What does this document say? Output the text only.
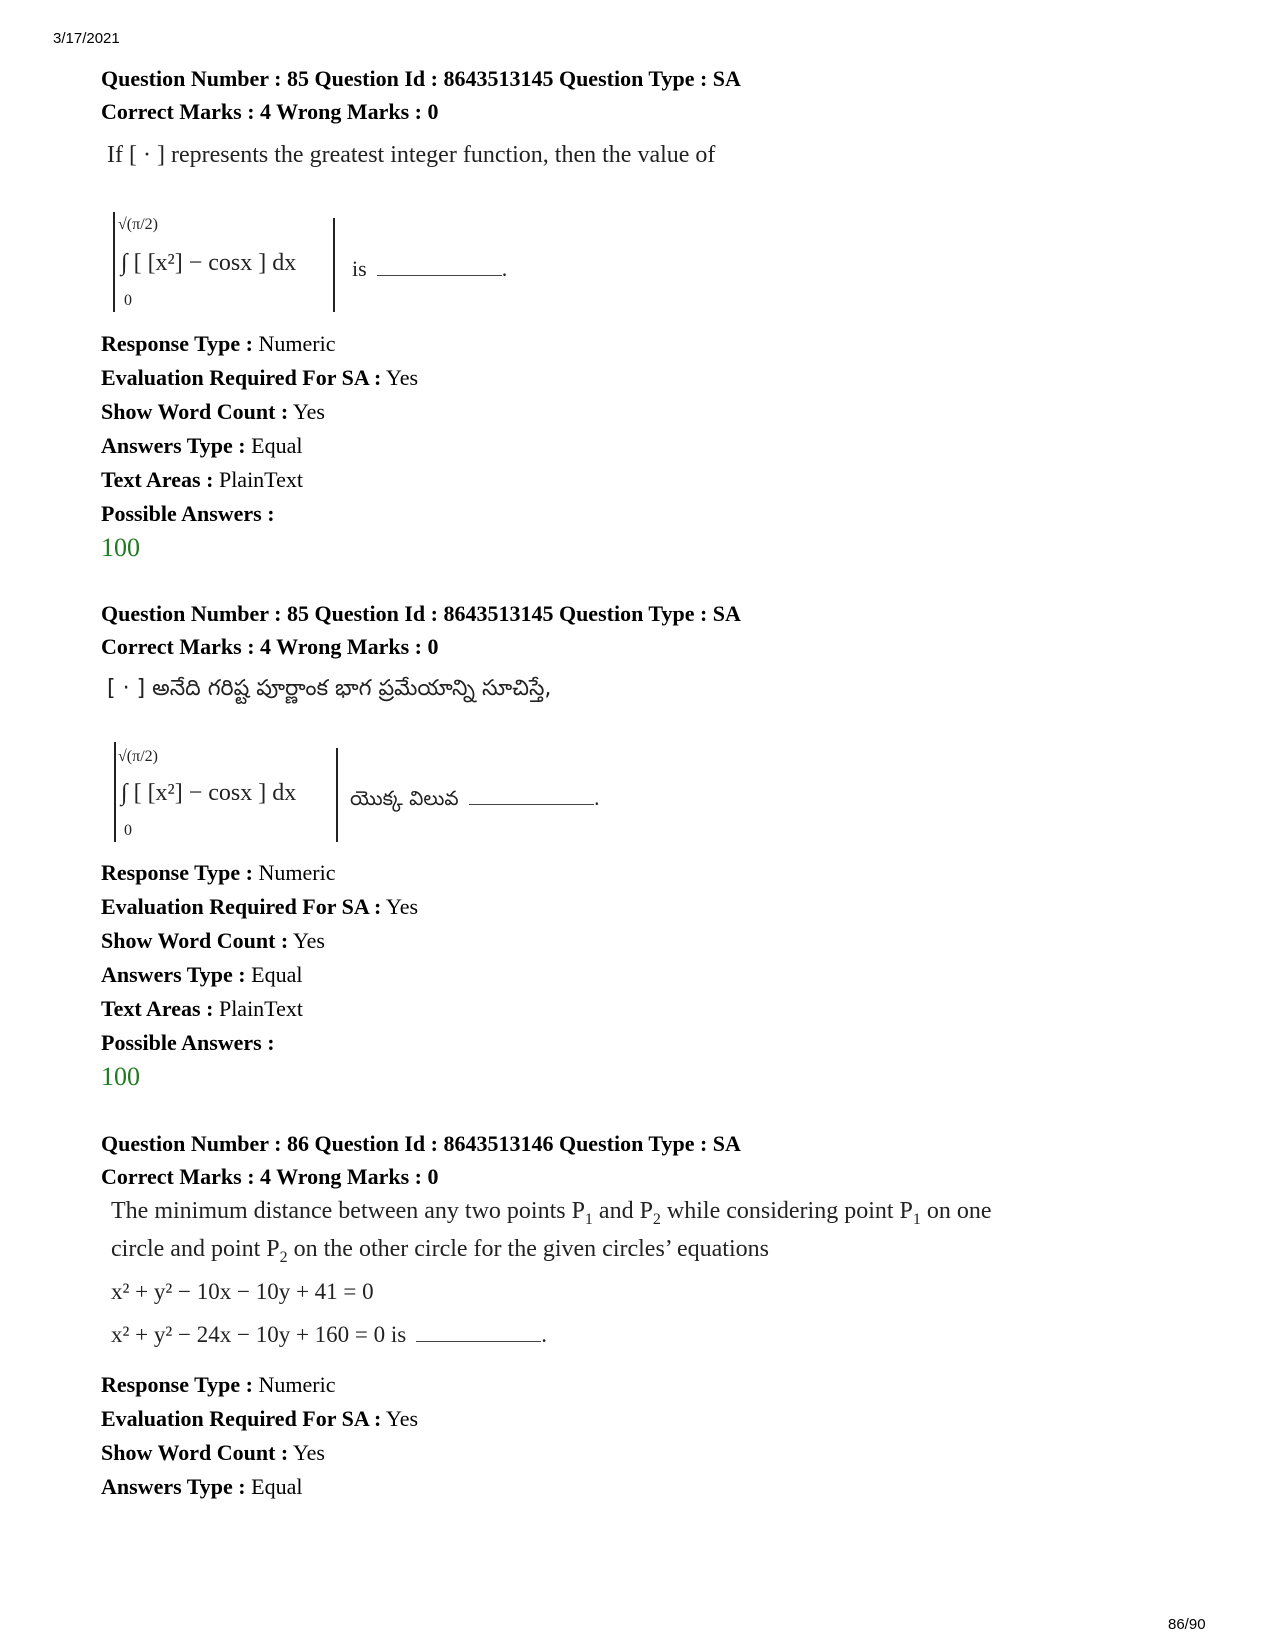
3/17/2021
Question Number : 85 Question Id : 8643513145 Question Type : SA
Correct Marks : 4 Wrong Marks : 0
If [ · ] represents the greatest integer function, then the value of
√(π/2)
0
∫ [ [x²] − cosx ] dx	is	.
Response Type : Numeric
Evaluation Required For SA : Yes
Show Word Count : Yes
Answers Type : Equal
Text Areas : PlainText
Possible Answers :
100
Question Number : 85 Question Id : 8643513145 Question Type : SA
Correct Marks : 4 Wrong Marks : 0
[ · ] అనేది గరిష్ట పూర్ణాంక భాగ ప్రమేయాన్ని సూచిస్తే,
√(π/2)
0
∫ [ [x²] − cosx ] dx	యొక్క విలువ	.
Response Type : Numeric
Evaluation Required For SA : Yes
Show Word Count : Yes
Answers Type : Equal
Text Areas : PlainText
Possible Answers :
100
Question Number : 86 Question Id : 8643513146 Question Type : SA
Correct Marks : 4 Wrong Marks : 0
The minimum distance between any two points $P_1$ and $P_2$ while considering point $P_1$ on one
circle and point $P_2$ on the other circle for the given circles’ equations
x² + y² − 10x − 10y + 41 = 0
x² + y² − 24x − 10y + 160 = 0 is	.
Response Type : Numeric
Evaluation Required For SA : Yes
Show Word Count : Yes
Answers Type : Equal
86/90
